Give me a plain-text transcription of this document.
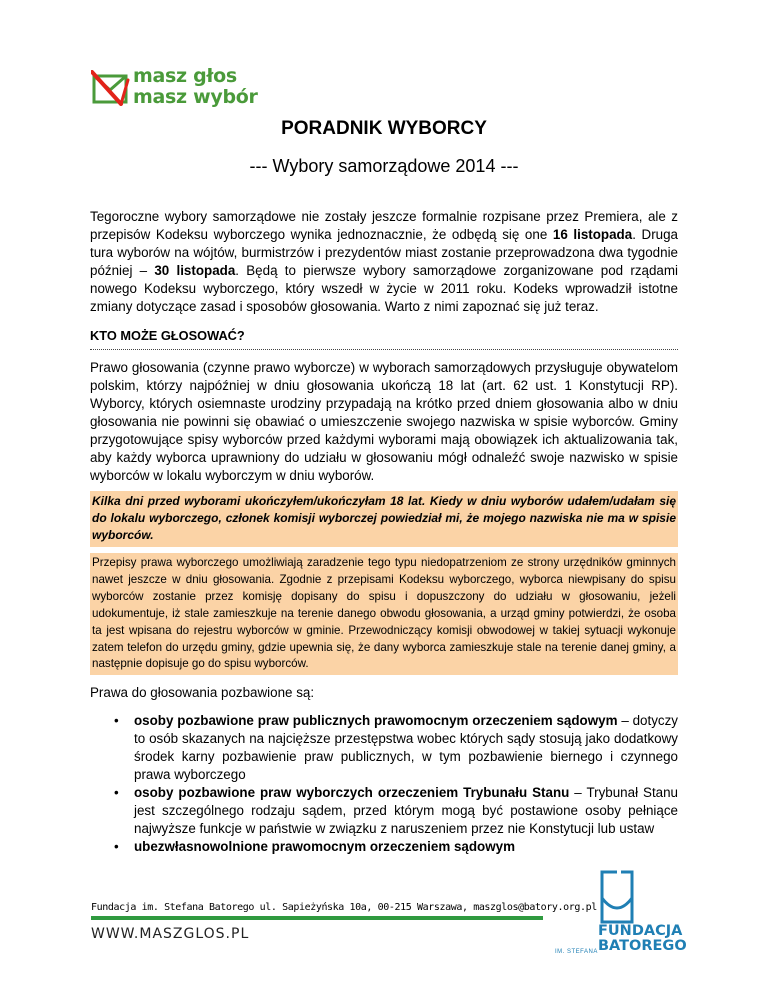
masz głos
masz wybór
PORADNIK WYBORCY
--- Wybory samorządowe 2014 ---

Tegoroczne wybory samorządowe nie zostały jeszcze formalnie rozpisane przez Premiera, ale z przepisów Kodeksu wyborczego wynika jednoznacznie, że odbędą się one 16 listopada. Druga tura wyborów na wójtów, burmistrzów i prezydentów miast zostanie przeprowadzona dwa tygodnie później – 30 listopada. Będą to pierwsze wybory samorządowe zorganizowane pod rządami nowego Kodeksu wyborczego, który wszedł w życie w 2011 roku. Kodeks wprowadził istotne zmiany dotyczące zasad i sposobów głosowania. Warto z nimi zapoznać się już teraz.

KTO MOŻE GŁOSOWAĆ?

Prawo głosowania (czynne prawo wyborcze) w wyborach samorządowych przysługuje obywatelom polskim, którzy najpóźniej w dniu głosowania ukończą 18 lat (art. 62 ust. 1 Konstytucji RP). Wyborcy, których osiemnaste urodziny przypadają na krótko przed dniem głosowania albo w dniu głosowania nie powinni się obawiać o umieszczenie swojego nazwiska w spisie wyborców. Gminy przygotowujące spisy wyborców przed każdymi wyborami mają obowiązek ich aktualizowania tak, aby każdy wyborca uprawniony do udziału w głosowaniu mógł odnaleźć swoje nazwisko w spisie wyborców w lokalu wyborczym w dniu wyborów.

Kilka dni przed wyborami ukończyłem/ukończyłam 18 lat. Kiedy w dniu wyborów udałem/udałam się do lokalu wyborczego, członek komisji wyborczej powiedział mi, że mojego nazwiska nie ma w spisie wyborców.
Przepisy prawa wyborczego umożliwiają zaradzenie tego typu niedopatrzeniom ze strony urzędników gminnych nawet jeszcze w dniu głosowania. Zgodnie z przepisami Kodeksu wyborczego, wyborca niewpisany do spisu wyborców zostanie przez komisję dopisany do spisu i dopuszczony do udziału w głosowaniu, jeżeli udokumentuje, iż stale zamieszkuje na terenie danego obwodu głosowania, a urząd gminy potwierdzi, że osoba ta jest wpisana do rejestru wyborców w gminie. Przewodniczący komisji obwodowej w takiej sytuacji wykonuje zatem telefon do urzędu gminy, gdzie upewnia się, że dany wyborca zamieszkuje stale na terenie danej gminy, a następnie dopisuje go do spisu wyborców.

Prawa do głosowania pozbawione są:

• osoby pozbawione praw publicznych prawomocnym orzeczeniem sądowym – dotyczy to osób skazanych na najcięższe przestępstwa wobec których sądy stosują jako dodatkowy środek karny pozbawienie praw publicznych, w tym pozbawienie biernego i czynnego prawa wyborczego
• osoby pozbawione praw wyborczych orzeczeniem Trybunału Stanu – Trybunał Stanu jest szczególnego rodzaju sądem, przed którym mogą być postawione osoby pełniące najwyższe funkcje w państwie w związku z naruszeniem przez nie Konstytucji lub ustaw
• ubezwłasnowolnione prawomocnym orzeczeniem sądowym
Fundacja im. Stefana Batorego ul. Sapieżyńska 10a, 00-215 Warszawa, maszglos@batory.org.pl
WWW.MASZGLOS.PL	FUNDACJA
BATOREGO
IM. STEFANA
